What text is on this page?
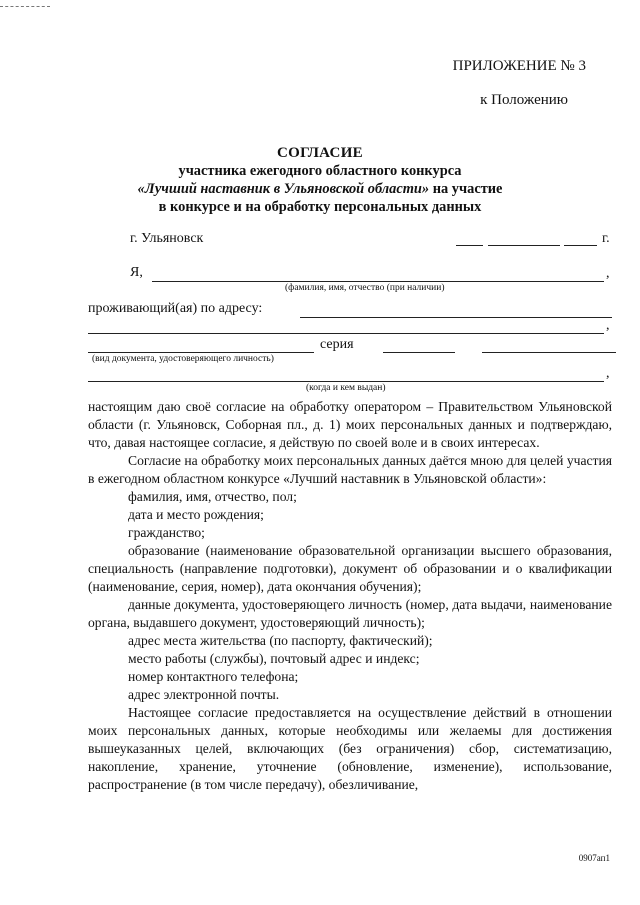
ПРИЛОЖЕНИЕ № 3
к Положению
СОГЛАСИЕ
участника ежегодного областного конкурса
«Лучший наставник в Ульяновской области» на участие
в конкурсе и на обработку персональных данных
г. Ульяновск	г.
Я,	,
(фамилия, имя, отчество (при наличии)
проживающий(ая) по адресу:
,
серия
(вид документа, удостоверяющего личность)
,
(когда и кем выдан)

настоящим даю своё согласие на обработку оператором – Правительством Ульяновской области (г. Ульяновск, Соборная пл., д. 1) моих персональных данных и подтверждаю, что, давая настоящее согласие, я действую по своей воле и в своих интересах.

Согласие на обработку моих персональных данных даётся мною для целей участия в ежегодном областном конкурсе «Лучший наставник в Ульяновской области»:

фамилия, имя, отчество, пол;

дата и место рождения;

гражданство;

образование (наименование образовательной организации высшего образования, специальность (направление подготовки), документ об образовании и о квалификации (наименование, серия, номер), дата окончания обучения);

данные документа, удостоверяющего личность (номер, дата выдачи, наименование органа, выдавшего документ, удостоверяющий личность);

адрес места жительства (по паспорту, фактический);

место работы (службы), почтовый адрес и индекс;

номер контактного телефона;

адрес электронной почты.

Настоящее согласие предоставляется на осуществление действий в отношении моих персональных данных, которые необходимы или желаемы для достижения вышеуказанных целей, включающих (без ограничения) сбор, систематизацию, накопление, хранение, уточнение (обновление, изменение), использование, распространение (в том числе передачу), обезличивание,

0907ап1
